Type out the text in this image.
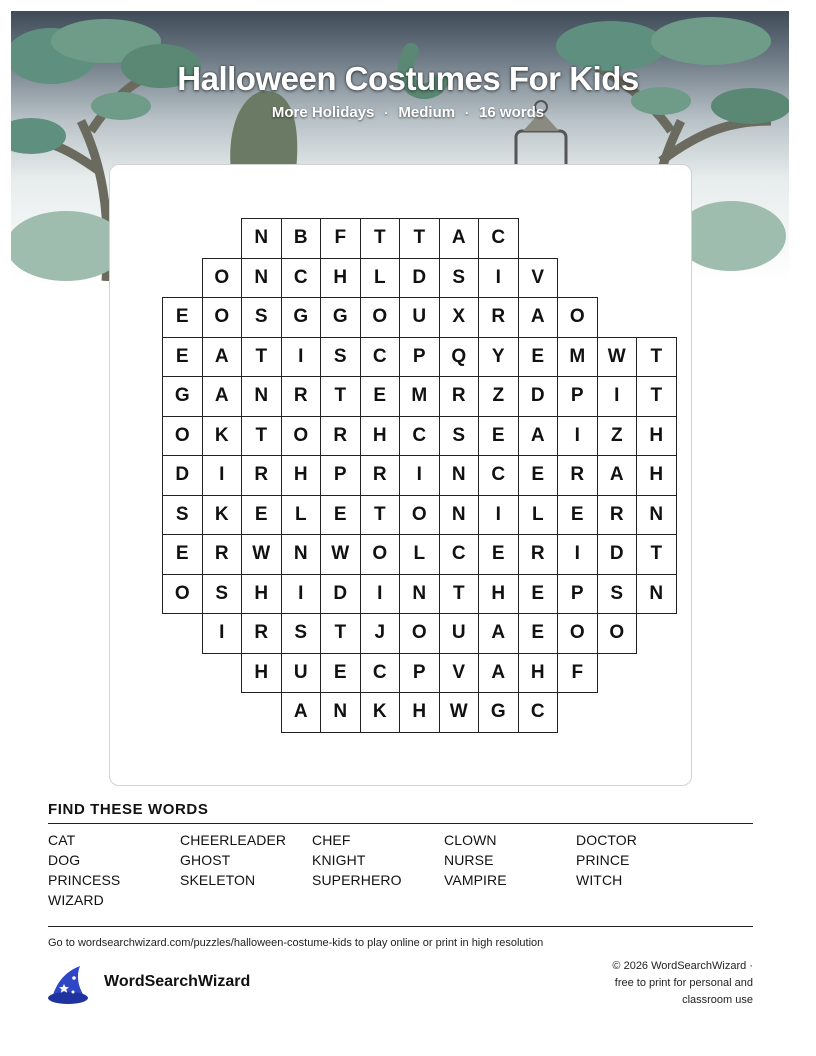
Halloween Costumes For Kids
More Holidays · Medium · 16 words
N	B	F	T	T	A	C
O	N	C	H	L	D	S	I	V
E	O	S	G	G	O	U	X	R	A	O
E	A	T	I	S	C	P	Q	Y	E	M	W	T
G	A	N	R	T	E	M	R	Z	D	P	I	T
O	K	T	O	R	H	C	S	E	A	I	Z	H
D	I	R	H	P	R	I	N	C	E	R	A	H
S	K	E	L	E	T	O	N	I	L	E	R	N
E	R	W	N	W	O	L	C	E	R	I	D	T
O	S	H	I	D	I	N	T	H	E	P	S	N
I	R	S	T	J	O	U	A	E	O	O
H	U	E	C	P	V	A	H	F
A	N	K	H	W	G	C
FIND THESE WORDS
CAT	CHEERLEADER CHEF	CLOWN	DOCTOR
DOG	GHOST	KNIGHT	NURSE	PRINCE
PRINCESS	SKELETON	SUPERHERO	VAMPIRE	WITCH
WIZARD
Go to wordsearchwizard.com/puzzles/halloween-costume-kids to play online or print in high resolution
WordSearchWizard
© 2026 WordSearchWizard ·
free to print for personal and
classroom use
